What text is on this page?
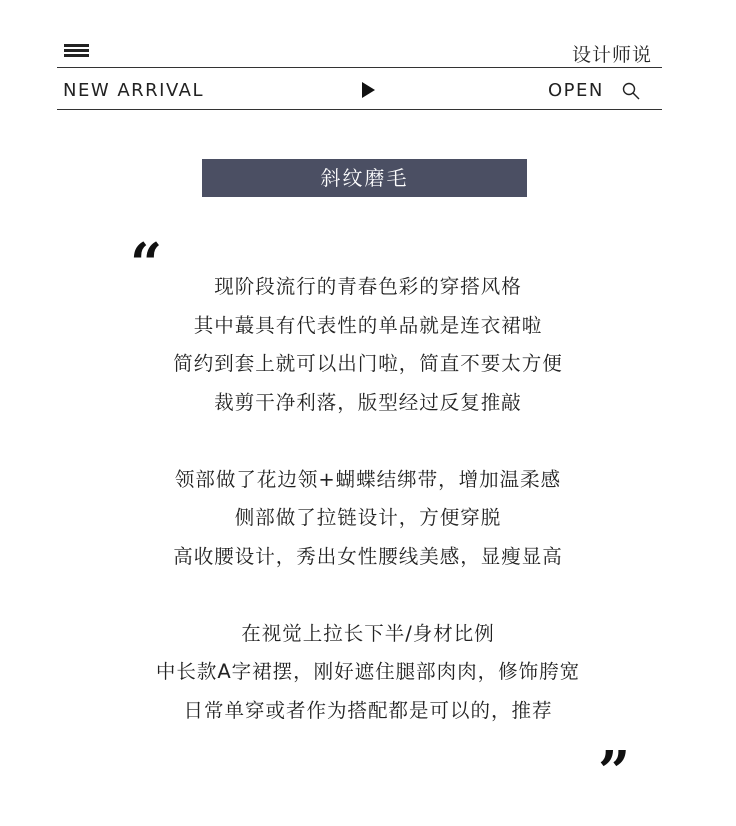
设计师说
NEW ARRIVAL	OPEN
斜纹磨毛
“	现阶段流行的青春色彩的穿搭风格
其中蕞具有代表性的单品就是连衣裙啦
简约到套上就可以出门啦，简直不要太方便
裁剪干净利落，版型经过反复推敲
领部做了花边领+蝴蝶结绑带，增加温柔感
侧部做了拉链设计，方便穿脱
高收腰设计，秀出女性腰线美感，显瘦显高
在视觉上拉长下半/身材比例
中长款A字裙摆，刚好遮住腿部肉肉，修饰胯宽
日常单穿或者作为搭配都是可以的，推荐
”
